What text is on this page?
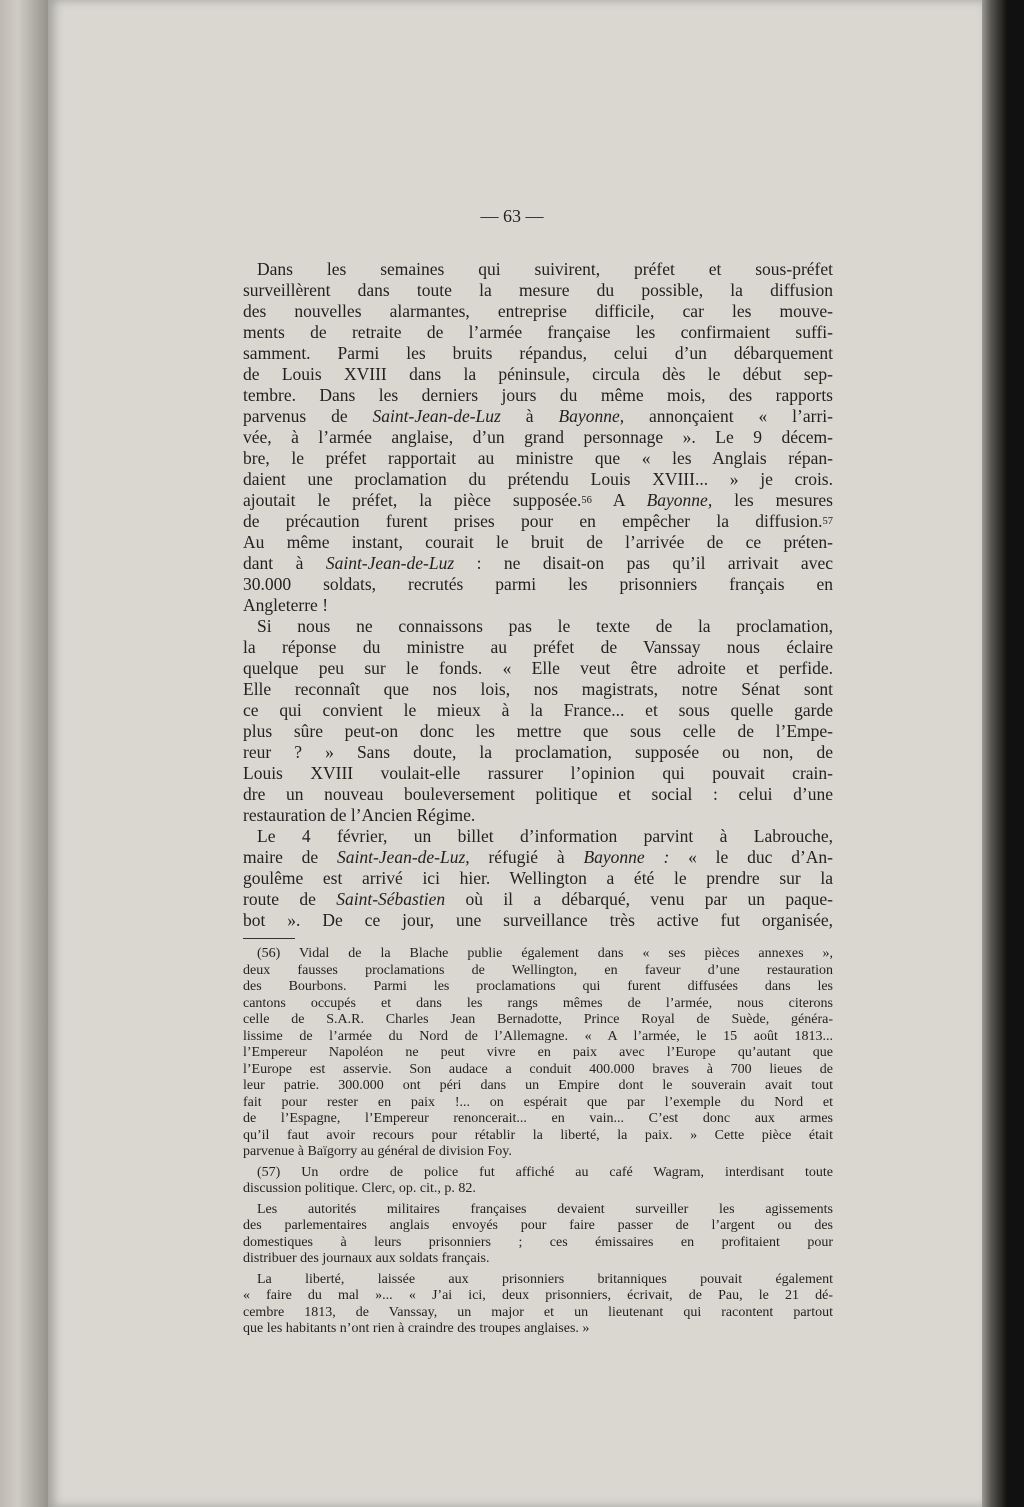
— 63 —
Dans les semaines qui suivirent, préfet et sous-préfet
surveillèrent dans toute la mesure du possible, la diffusion
des nouvelles alarmantes, entreprise difficile, car les mouve-
ments de retraite de l’armée française les confirmaient suffi-
samment. Parmi les bruits répandus, celui d’un débarquement
de Louis XVIII dans la péninsule, circula dès le début sep-
tembre. Dans les derniers jours du même mois, des rapports
parvenus de Saint-Jean-de-Luz à Bayonne, annonçaient « l’arri-
vée, à l’armée anglaise, d’un grand personnage ». Le 9 décem-
bre, le préfet rapportait au ministre que « les Anglais répan-
daient une proclamation du prétendu Louis XVIII... » je crois.
ajoutait le préfet, la pièce supposée.56 A Bayonne, les mesures
de précaution furent prises pour en empêcher la diffusion.57
Au même instant, courait le bruit de l’arrivée de ce préten-
dant à Saint-Jean-de-Luz : ne disait-on pas qu’il arrivait avec
30.000 soldats, recrutés parmi les prisonniers français en
Angleterre !
Si nous ne connaissons pas le texte de la proclamation,
la réponse du ministre au préfet de Vanssay nous éclaire
quelque peu sur le fonds. « Elle veut être adroite et perfide.
Elle reconnaît que nos lois, nos magistrats, notre Sénat sont
ce qui convient le mieux à la France... et sous quelle garde
plus sûre peut-on donc les mettre que sous celle de l’Empe-
reur ? » Sans doute, la proclamation, supposée ou non, de
Louis XVIII voulait-elle rassurer l’opinion qui pouvait crain-
dre un nouveau bouleversement politique et social : celui d’une
restauration de l’Ancien Régime.
Le 4 février, un billet d’information parvint à Labrouche,
maire de Saint-Jean-de-Luz, réfugié à Bayonne : « le duc d’An-
goulême est arrivé ici hier. Wellington a été le prendre sur la
route de Saint-Sébastien où il a débarqué, venu par un paque-
bot ». De ce jour, une surveillance très active fut organisée,
(56) Vidal de la Blache publie également dans « ses pièces annexes »,
deux fausses proclamations de Wellington, en faveur d’une restauration
des Bourbons. Parmi les proclamations qui furent diffusées dans les
cantons occupés et dans les rangs mêmes de l’armée, nous citerons
celle de S.A.R. Charles Jean Bernadotte, Prince Royal de Suède, généra-
lissime de l’armée du Nord de l’Allemagne. « A l’armée, le 15 août 1813...
l’Empereur Napoléon ne peut vivre en paix avec l’Europe qu’autant que
l’Europe est asservie. Son audace a conduit 400.000 braves à 700 lieues de
leur patrie. 300.000 ont péri dans un Empire dont le souverain avait tout
fait pour rester en paix !... on espérait que par l’exemple du Nord et
de l’Espagne, l’Empereur renoncerait... en vain... C’est donc aux armes
qu’il faut avoir recours pour rétablir la liberté, la paix. » Cette pièce était
parvenue à Baïgorry au général de division Foy.
(57) Un ordre de police fut affiché au café Wagram, interdisant toute
discussion politique. Clerc, op. cit., p. 82.
Les autorités militaires françaises devaient surveiller les agissements
des parlementaires anglais envoyés pour faire passer de l’argent ou des
domestiques à leurs prisonniers ; ces émissaires en profitaient pour
distribuer des journaux aux soldats français.
La liberté, laissée aux prisonniers britanniques pouvait également
« faire du mal »... « J’ai ici, deux prisonniers, écrivait, de Pau, le 21 dé-
cembre 1813, de Vanssay, un major et un lieutenant qui racontent partout
que les habitants n’ont rien à craindre des troupes anglaises. »
